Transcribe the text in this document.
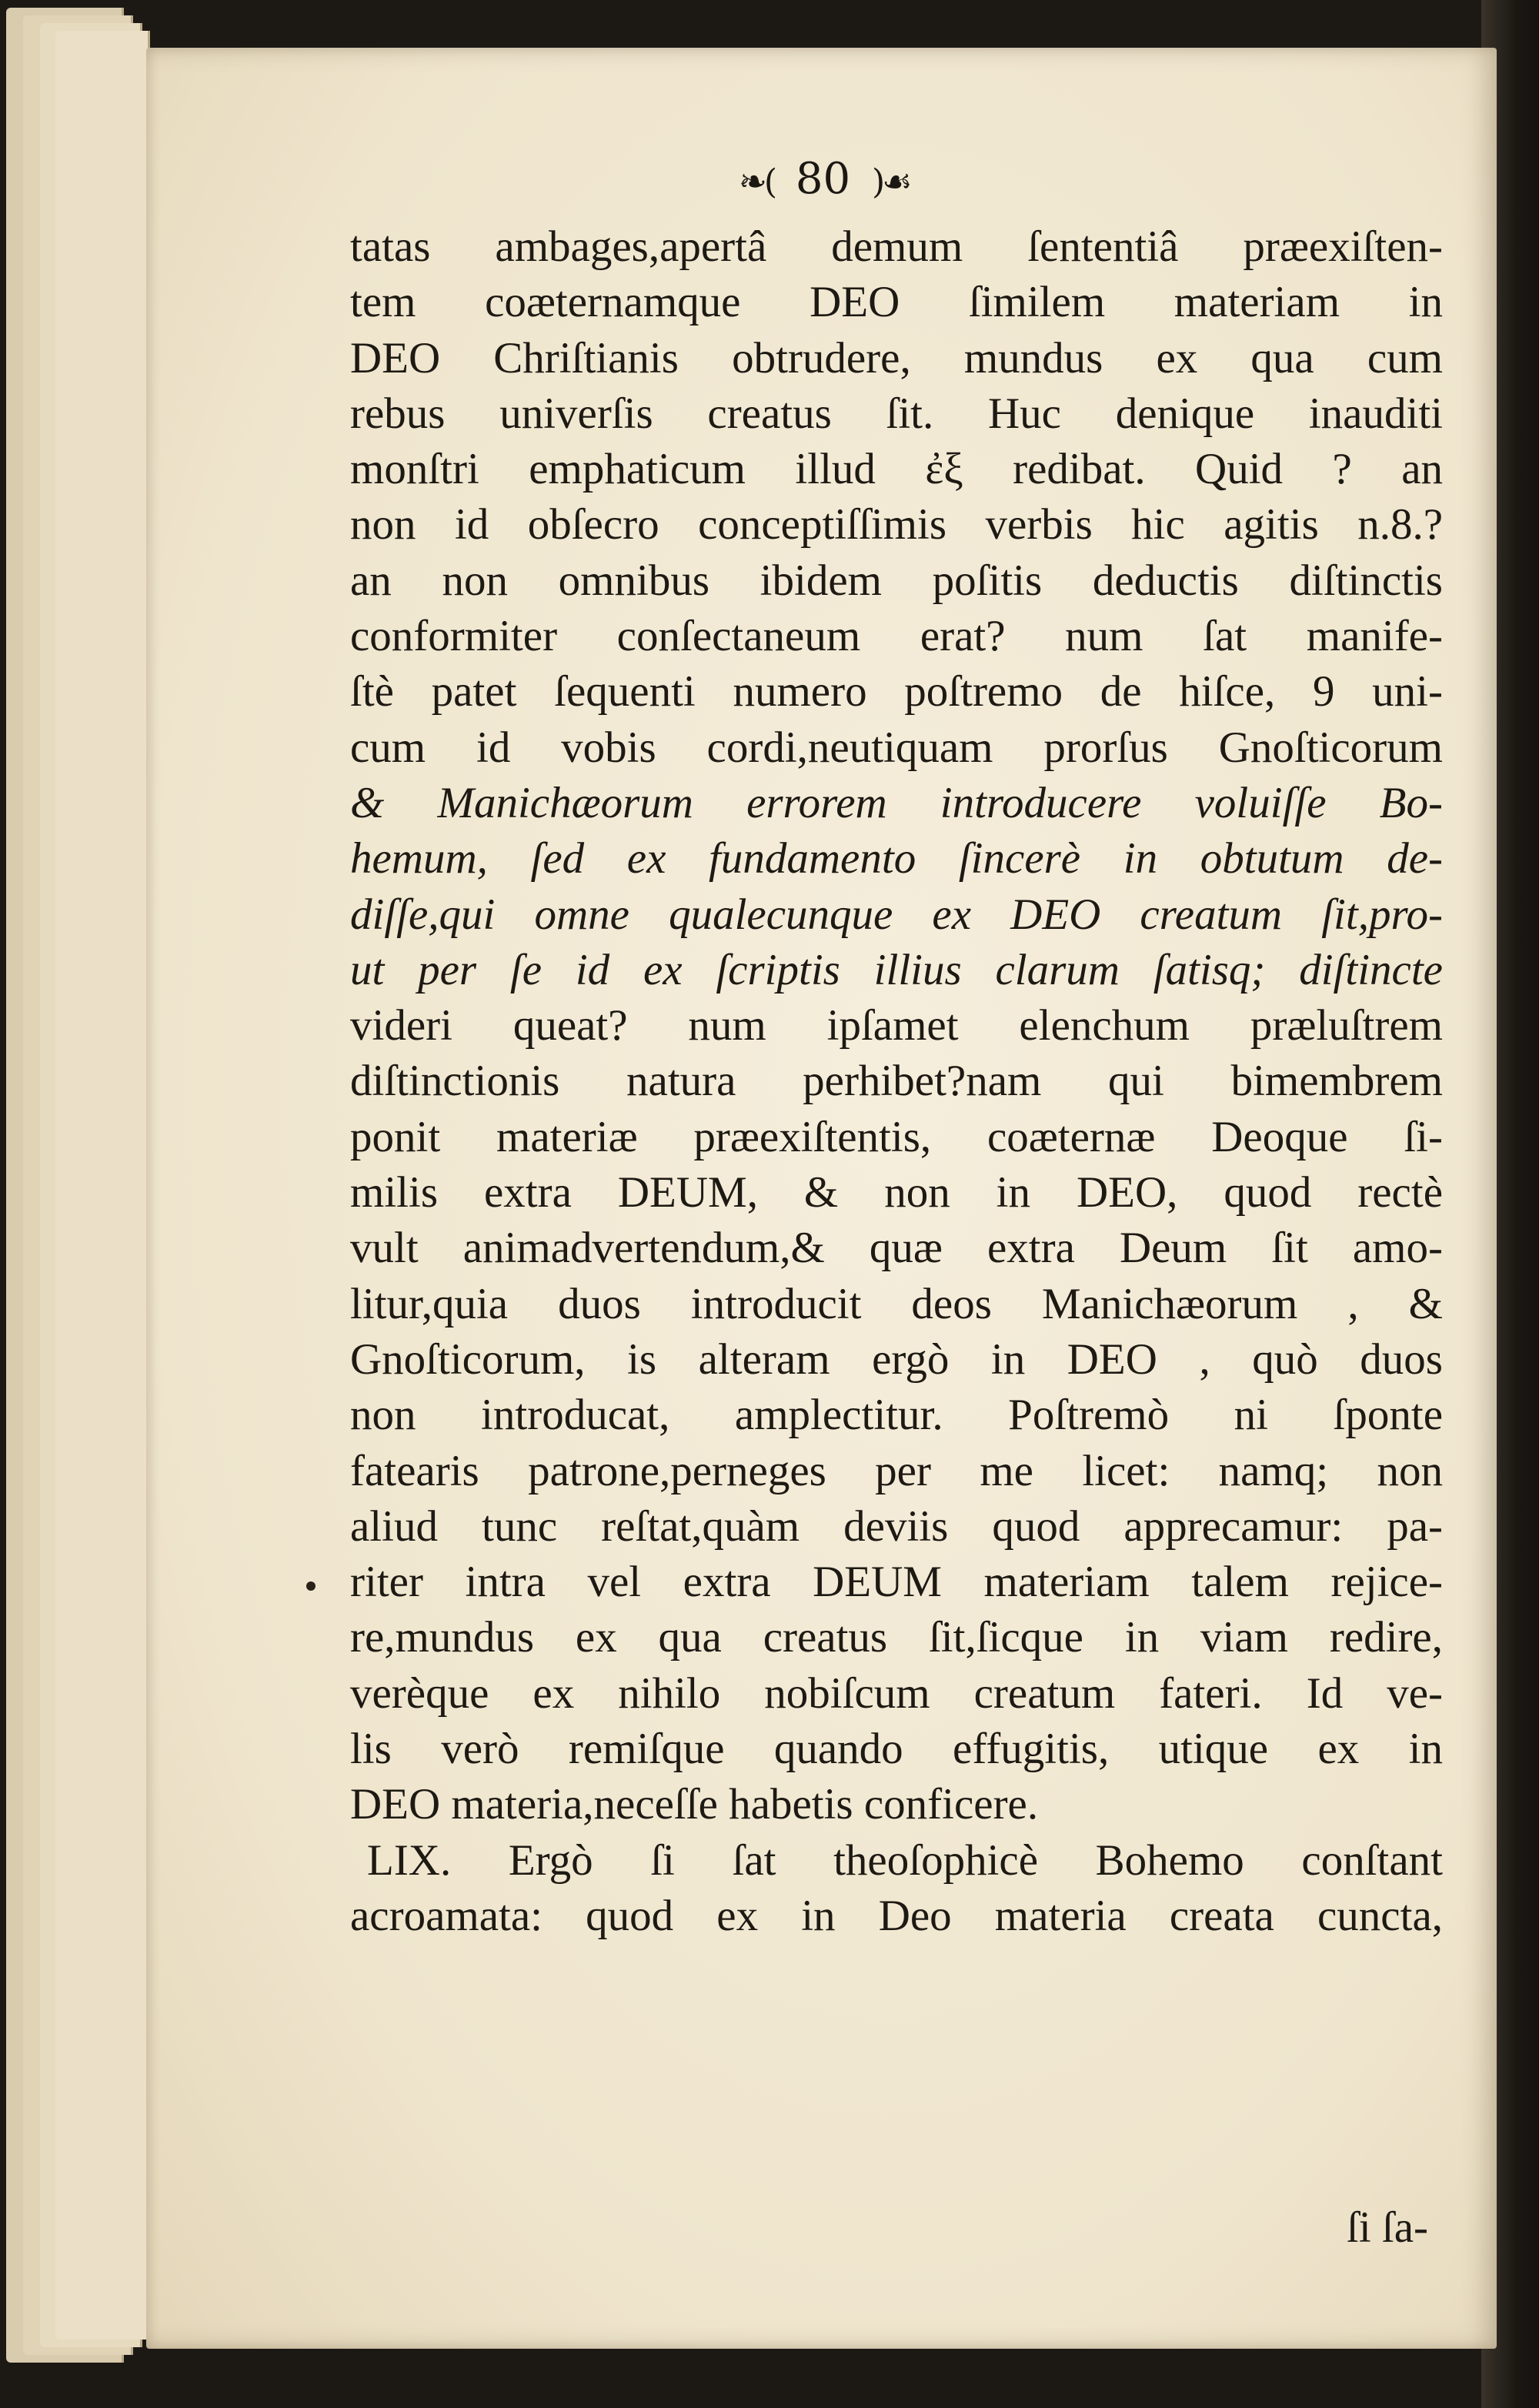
❧( 80 )☙
tatas ambages,apertâ demum ſententiâ præexiſten-
tem coæternamque DEO ſimilem materiam in
DEO Chriſtianis obtrudere, mundus ex qua cum
rebus univerſis creatus ſit. Huc denique inauditi
monſtri emphaticum illud ἐξ redibat. Quid ? an
non id obſecro conceptiſſimis verbis hic agitis n.8.?
an non omnibus ibidem poſitis deductis diſtinctis
conformiter conſectaneum erat? num ſat manife-
ſtè patet ſequenti numero poſtremo de hiſce, 9 uni-
cum id vobis cordi,neutiquam prorſus Gnoſticorum
& Manichæorum errorem introducere voluiſſe Bo-
hemum, ſed ex fundamento ſincerè in obtutum de-
diſſe,qui omne qualecunque ex DEO creatum ſit,pro-
ut per ſe id ex ſcriptis illius clarum ſatisq; diſtincte
videri queat? num ipſamet elenchum præluſtrem
diſtinctionis natura perhibet?nam qui bimembrem
ponit materiæ præexiſtentis, coæternæ Deoque ſi-
milis extra DEUM, & non in DEO, quod rectè
vult animadvertendum,& quæ extra Deum ſit amo-
litur,quia duos introducit deos Manichæorum , &
Gnoſticorum, is alteram ergò in DEO , quò duos
non introducat, amplectitur. Poſtremò ni ſponte
fatearis patrone,perneges per me licet: namq; non
aliud tunc reſtat,quàm deviis quod apprecamur: pa-
riter intra vel extra DEUM materiam talem rejice-
re,mundus ex qua creatus ſit,ſicque in viam redire,
verèque ex nihilo nobiſcum creatum fateri. Id ve-
lis verò remiſque quando effugitis, utique ex in
DEO materia,neceſſe habetis conficere.
LIX. Ergò ſi ſat theoſophicè Bohemo conſtant
acroamata: quod ex in Deo materia creata cuncta,
ſi ſa-
